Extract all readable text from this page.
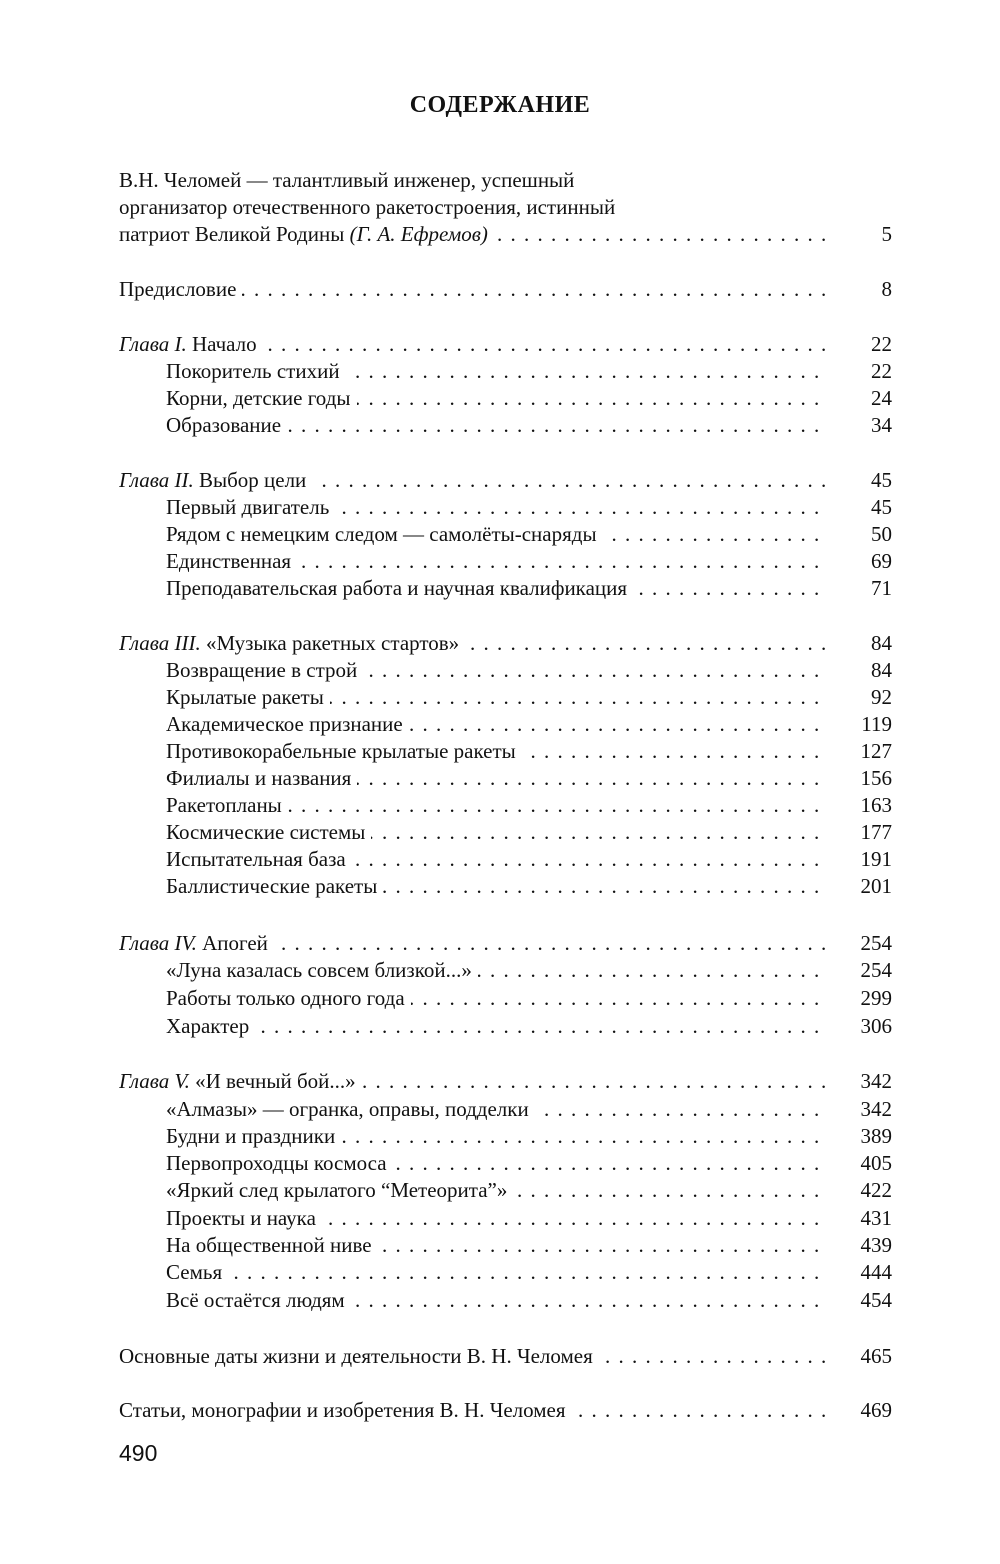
СОДЕРЖАНИЕ
В.Н. Челомей — талантливый инженер, успешный
организатор отечественного ракетостроения, истинный
патриот Великой Родины (Г. А. Ефремов) . . .	5
Предисловие . . .	8
Глава I. Начало . . .	22
Покоритель стихий . . .	22
Корни, детские годы . . .	24
Образование . . .	34
Глава II. Выбор цели . . .	45
Первый двигатель . . .	45
Рядом с немецким следом — самолёты-снаряды . . .	50
Единственная . . .	69
Преподавательская работа и научная квалификация . . .	71
Глава III. «Музыка ракетных стартов» . . .	84
Возвращение в строй . . .	84
Крылатые ракеты . . .	92
Академическое признание . . .	119
Противокорабельные крылатые ракеты . . .	127
Филиалы и названия . . .	156
Ракетопланы . . .	163
Космические системы . . .	177
Испытательная база . . .	191
Баллистические ракеты . . .	201
Глава IV. Апогей . . .	254
«Луна казалась совсем близкой...» . . .	254
Работы только одного года . . .	299
Характер . . .	306
Глава V. «И вечный бой...» . . .	342
«Алмазы» — огранка, оправы, подделки . . .	342
Будни и праздники . . .	389
Первопроходцы космоса . . .	405
«Яркий след крылатого “Метеорита”» . . .	422
Проекты и наука . . .	431
На общественной ниве . . .	439
Семья . . .	444
Всё остаётся людям . . .	454
Основные даты жизни и деятельности В. Н. Челомея . . .	465
Статьи, монографии и изобретения В. Н. Челомея . . .	469
490
